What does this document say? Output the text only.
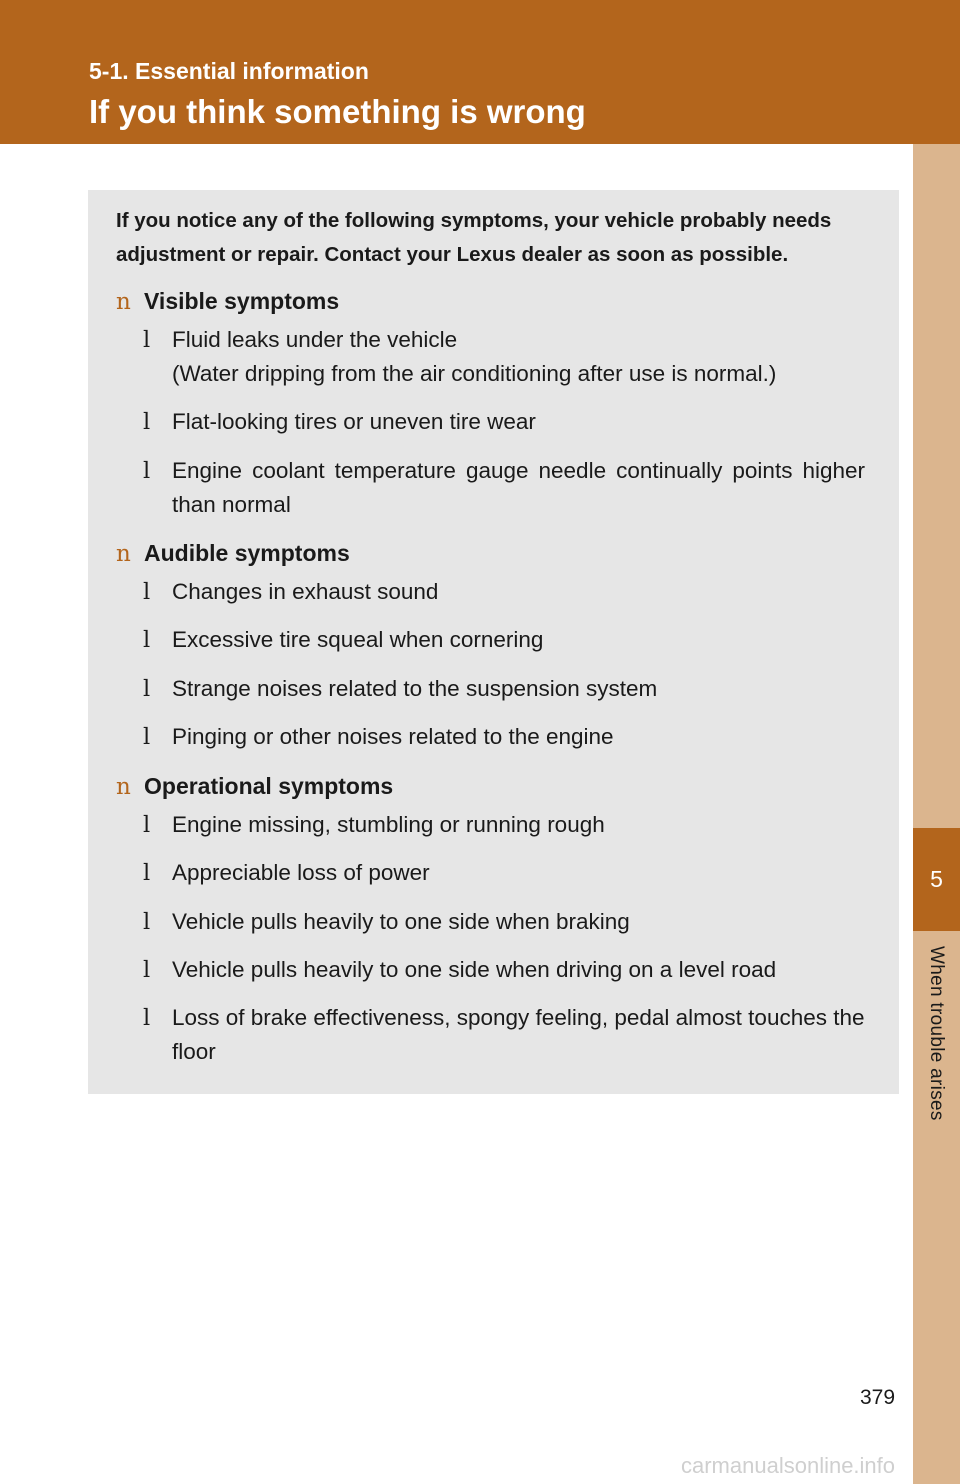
5-1. Essential information
If you think something is wrong
5
When trouble arises
If you notice any of the following symptoms, your vehicle probably needs adjustment or repair. Contact your Lexus dealer as soon as possible.
n Visible symptoms
l Fluid leaks under the vehicle
(Water dripping from the air conditioning after use is normal.)
l Flat-looking tires or uneven tire wear
l Engine coolant temperature gauge needle continually points higher than normal
n Audible symptoms
l Changes in exhaust sound
l Excessive tire squeal when cornering
l Strange noises related to the suspension system
l Pinging or other noises related to the engine
n Operational symptoms
l Engine missing, stumbling or running rough
l Appreciable loss of power
l Vehicle pulls heavily to one side when braking
l Vehicle pulls heavily to one side when driving on a level road
l Loss of brake effectiveness, spongy feeling, pedal almost touches the floor
379
carmanualsonline.info
